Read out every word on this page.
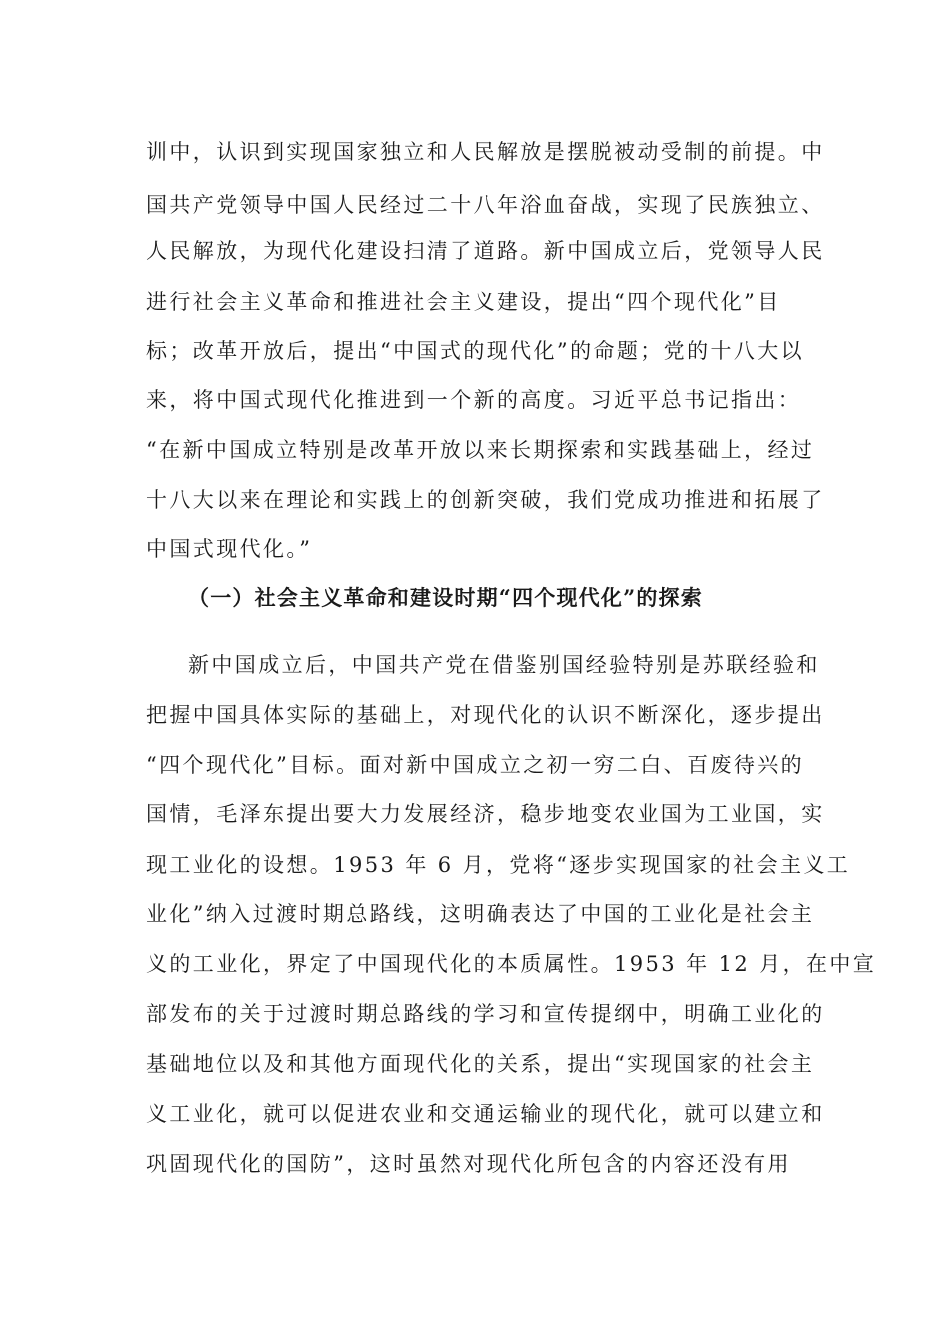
训中，认识到实现国家独立和人民解放是摆脱被动受制的前提。中
国共产党领导中国人民经过二十八年浴血奋战，实现了民族独立、
人民解放，为现代化建设扫清了道路。新中国成立后，党领导人民
进行社会主义革命和推进社会主义建设，提出“四个现代化”目
标；改革开放后，提出“中国式的现代化”的命题；党的十八大以
来，将中国式现代化推进到一个新的高度。习近平总书记指出：
“在新中国成立特别是改革开放以来长期探索和实践基础上，经过
十八大以来在理论和实践上的创新突破，我们党成功推进和拓展了
中国式现代化。”
（一）社会主义革命和建设时期“四个现代化”的探索
新中国成立后，中国共产党在借鉴别国经验特别是苏联经验和
把握中国具体实际的基础上，对现代化的认识不断深化，逐步提出
“四个现代化”目标。面对新中国成立之初一穷二白、百废待兴的
国情，毛泽东提出要大力发展经济，稳步地变农业国为工业国，实
现工业化的设想。1953 年 6 月，党将“逐步实现国家的社会主义工
业化”纳入过渡时期总路线，这明确表达了中国的工业化是社会主
义的工业化，界定了中国现代化的本质属性。1953 年 12 月，在中宣
部发布的关于过渡时期总路线的学习和宣传提纲中，明确工业化的
基础地位以及和其他方面现代化的关系，提出“实现国家的社会主
义工业化，就可以促进农业和交通运输业的现代化，就可以建立和
巩固现代化的国防”，这时虽然对现代化所包含的内容还没有用
